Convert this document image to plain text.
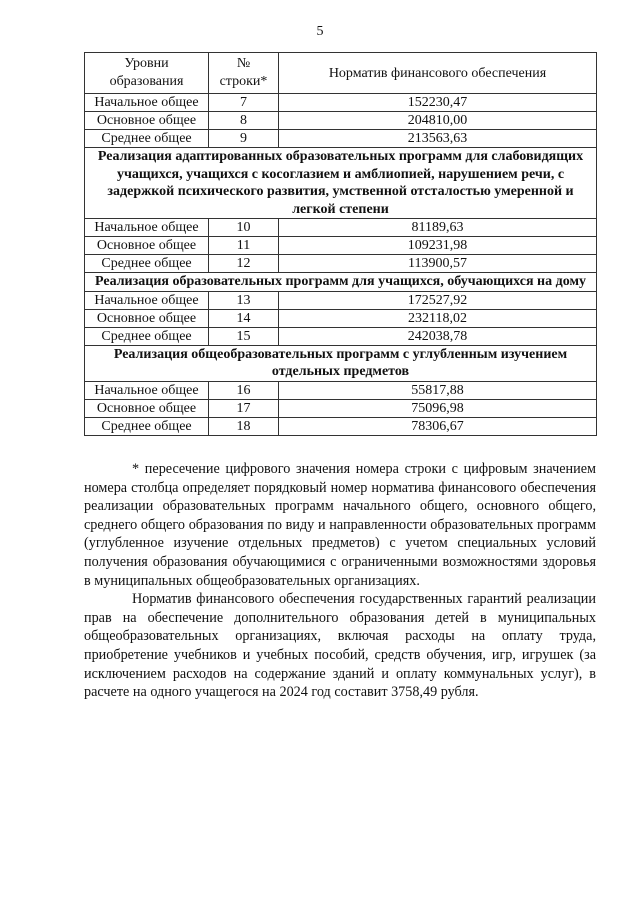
5
Уровни образования	№ строки*	Норматив финансового обеспечения
Начальное общее	7	152230,47
Основное общее	8	204810,00
Среднее общее	9	213563,63
Реализация адаптированных образовательных программ для слабовидящих учащихся, учащихся с косоглазием и амблиопией, нарушением речи, с задержкой психического развития, умственной отсталостью умеренной и легкой степени		
Начальное общее	10	81189,63
Основное общее	11	109231,98
Среднее общее	12	113900,57
Реализация образовательных программ для учащихся, обучающихся на дому		
Начальное общее	13	172527,92
Основное общее	14	232118,02
Среднее общее	15	242038,78
Реализация общеобразовательных программ с углубленным изучением отдельных предметов		
Начальное общее	16	55817,88
Основное общее	17	75096,98
Среднее общее	18	78306,67

* пересечение цифрового значения номера строки с цифровым значением номера столбца определяет порядковый номер норматива финансового обеспечения реализации образовательных программ начального общего, основного общего, среднего общего образования по виду и направленности образовательных программ (углубленное изучение отдельных предметов) с учетом специальных условий получения образования обучающимися с ограниченными возможностями здоровья в муниципальных общеобразовательных организациях.

Норматив финансового обеспечения государственных гарантий реализации прав на обеспечение дополнительного образования детей в муниципальных общеобразовательных организациях, включая расходы на оплату труда, приобретение учебников и учебных пособий, средств обучения, игр, игрушек (за исключением расходов на содержание зданий и оплату коммунальных услуг), в расчете на одного учащегося на 2024 год составит 3758,49 рубля.
